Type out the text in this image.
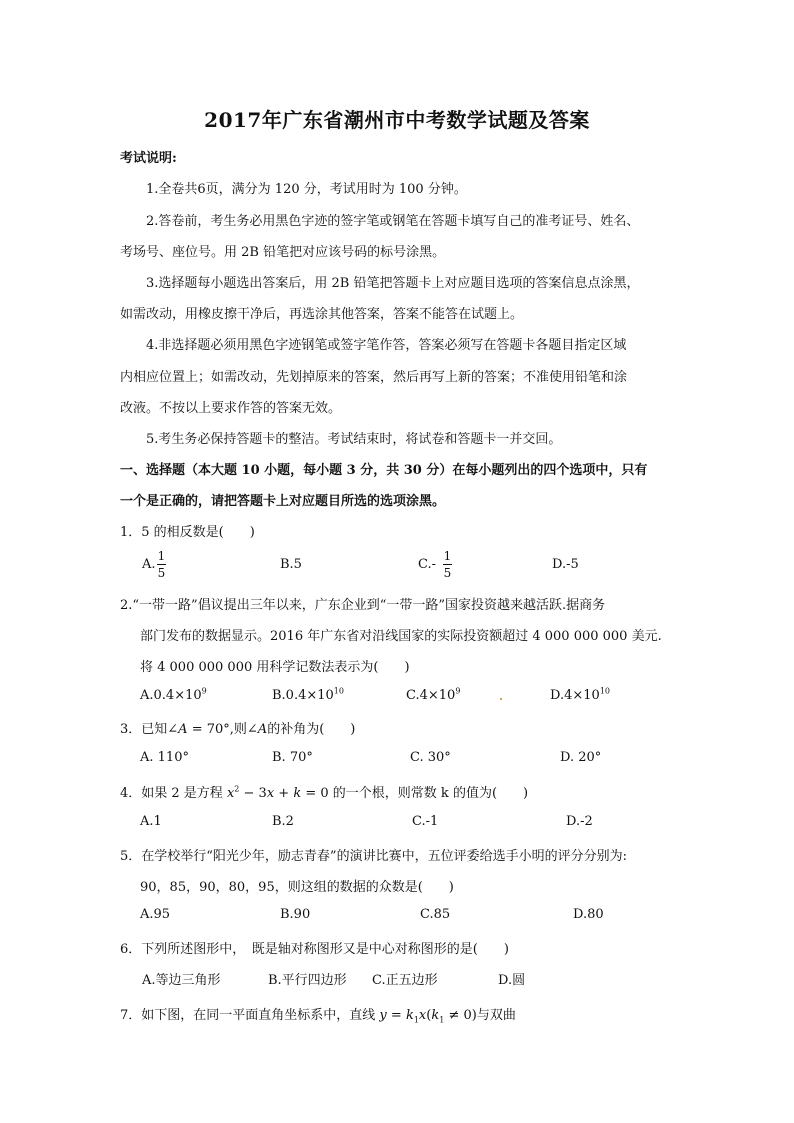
2017年广东省潮州市中考数学试题及答案
考试说明:
1.全卷共6页，满分为 120 分，考试用时为 100 分钟。
2.答卷前，考生务必用黑色字迹的签字笔或钢笔在答题卡填写自己的准考证号、姓名、
考场号、座位号。用 2B 铅笔把对应该号码的标号涂黑。
3.选择题每小题选出答案后，用 2B 铅笔把答题卡上对应题目选项的答案信息点涂黑，
如需改动，用橡皮擦干净后，再选涂其他答案，答案不能答在试题上。
4.非选择题必须用黑色字迹钢笔或签字笔作答，答案必须写在答题卡各题目指定区域
内相应位置上；如需改动，先划掉原来的答案，然后再写上新的答案；不准使用铅笔和涂
改液。不按以上要求作答的答案无效。
5.考生务必保持答题卡的整洁。考试结束时，将试卷和答题卡一并交回。
一、选择题（本大题 10 小题，每小题 3 分，共 30 分）在每小题列出的四个选项中，只有
一个是正确的，请把答题卡上对应题目所选的选项涂黑。
1．5 的相反数是(　　)
A.
1
5
B.5	C.-
1
5
D.-5
2.“一带一路”倡议提出三年以来，广东企业到“一带一路”国家投资越来越活跃.据商务
部门发布的数据显示。2016 年广东省对沿线国家的实际投资额超过 4 000 000 000 美元.
将 4 000 000 000 用科学记数法表示为(　　)
$A.0.4\times 10^9$	$B.0.4\times 10^{10}$	$C.4\times 10^9$	$D.4\times 10^{10}$
3．已知∠A = 70°,则∠A的补角为(　　)
A. 110°	B. 70°	C. 30°	D. 20°
4．如果 2 是方程 $x^2 - 3x + k = 0$ 的一个根，则常数 k 的值为(　　)
A.1	B.2	C.-1	D.-2
5．在学校举行“阳光少年，励志青春”的演讲比赛中，五位评委给选手小明的评分分别为:
90，85，90，80，95，则这组的数据的众数是(　　)
A.95	B.90	C.85	D.80
6．下列所述图形中，　既是轴对称图形又是中心对称图形的是(　　)
A.等边三角形	B.平行四边形 C.正五边形	D.圆
7．如下图，在同一平面直角坐标系中，直线 $y = k_1x(k_1 \ne 0)$与双曲
